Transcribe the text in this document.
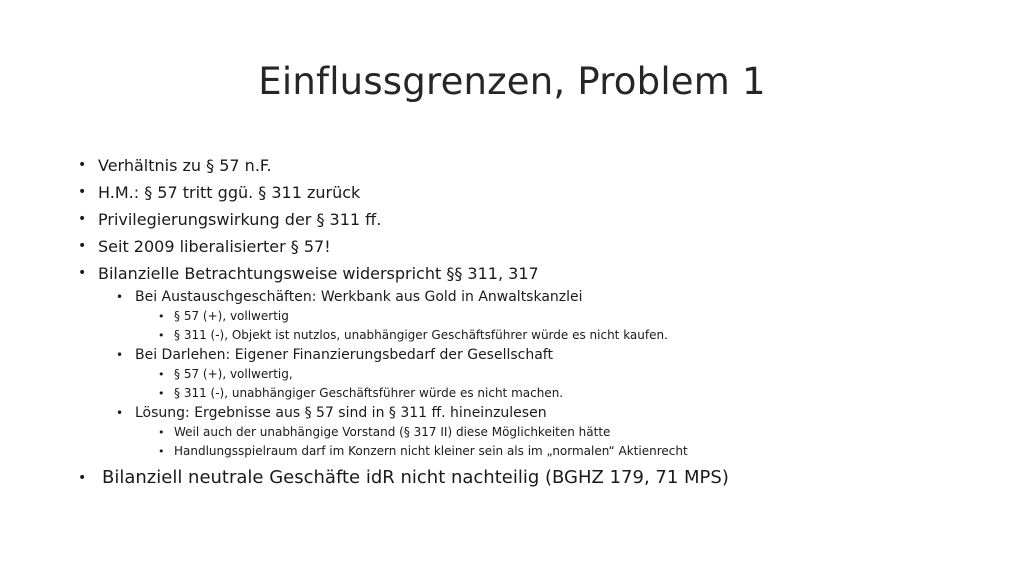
Einflussgrenzen, Problem 1
• Verhältnis zu § 57 n.F.
• H.M.: § 57 tritt ggü. § 311 zurück
• Privilegierungswirkung der § 311 ff.
• Seit 2009 liberalisierter § 57!
• Bilanzielle Betrachtungsweise widerspricht §§ 311, 317
• Bei Austauschgeschäften: Werkbank aus Gold in Anwaltskanzlei
• § 57 (+), vollwertig
• § 311 (-), Objekt ist nutzlos, unabhängiger Geschäftsführer würde es nicht kaufen.
• Bei Darlehen: Eigener Finanzierungsbedarf der Gesellschaft
• § 57 (+), vollwertig,
• § 311 (-), unabhängiger Geschäftsführer würde es nicht machen.
• Lösung: Ergebnisse aus § 57 sind in § 311 ff. hineinzulesen
• Weil auch der unabhängige Vorstand (§ 317 II) diese Möglichkeiten hätte
• Handlungsspielraum darf im Konzern nicht kleiner sein als im „normalen“ Aktienrecht
• Bilanziell neutrale Geschäfte idR nicht nachteilig (BGHZ 179, 71 MPS)
